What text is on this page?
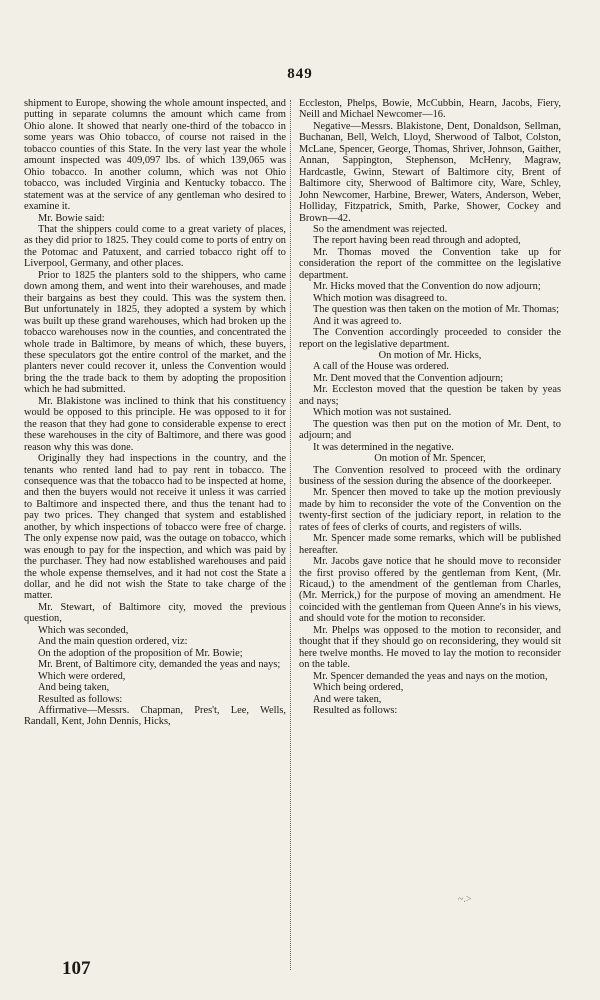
849

shipment to Europe, showing the whole amount inspected, and putting in separate columns the amount which came from Ohio alone. It showed that nearly one-third of the tobacco in some years was Ohio tobacco, of course not raised in the tobacco counties of this State. In the very last year the whole amount inspected was 409,097 lbs. of which 139,065 was Ohio tobacco. In another column, which was not Ohio tobacco, was included Virginia and Kentucky tobacco. The statement was at the service of any gentleman who desired to examine it.

Mr. Bowie said:

That the shippers could come to a great variety of places, as they did prior to 1825. They could come to ports of entry on the Potomac and Patuxent, and carried tobacco right off to Liverpool, Germany, and other places.

Prior to 1825 the planters sold to the shippers, who came down among them, and went into their warehouses, and made their bargains as best they could. This was the system then. But unfortunately in 1825, they adopted a system by which was built up these grand warehouses, which had broken up the tobacco warehouses now in the counties, and concentrated the whole trade in Baltimore, by means of which, these buyers, these speculators got the entire control of the market, and the planters never could recover it, unless the Convention would bring the the trade back to them by adopting the proposition which he had submitted.

Mr. Blakistone was inclined to think that his constituency would be opposed to this principle. He was opposed to it for the reason that they had gone to considerable expense to erect these warehouses in the city of Baltimore, and there was good reason why this was done.

Originally they had inspections in the country, and the tenants who rented land had to pay rent in tobacco. The consequence was that the tobacco had to be inspected at home, and then the buyers would not receive it unless it was carried to Baltimore and inspected there, and thus the tenant had to pay two prices. They changed that system and established another, by which inspections of tobacco were free of charge. The only expense now paid, was the outage on tobacco, which was enough to pay for the inspection, and which was paid by the purchaser. They had now established warehouses and paid the whole expense themselves, and it had not cost the State a dollar, and he did not wish the State to take charge of the matter.

Mr. Stewart, of Baltimore city, moved the previous question,

Which was seconded,

And the main question ordered, viz:

On the adoption of the proposition of Mr. Bowie;

Mr. Brent, of Baltimore city, demanded the yeas and nays;

Which were ordered,

And being taken,

Resulted as follows:

Affirmative—Messrs. Chapman, Pres't, Lee, Wells, Randall, Kent, John Dennis, Hicks,

Eccleston, Phelps, Bowie, McCubbin, Hearn, Jacobs, Fiery, Neill and Michael Newcomer—16.

Negative—Messrs. Blakistone, Dent, Donaldson, Sellman, Buchanan, Bell, Welch, Lloyd, Sherwood of Talbot, Colston, McLane, Spencer, George, Thomas, Shriver, Johnson, Gaither, Annan, Sappington, Stephenson, McHenry, Magraw, Hardcastle, Gwinn, Stewart of Baltimore city, Brent of Baltimore city, Sherwood of Baltimore city, Ware, Schley, John Newcomer, Harbine, Brewer, Waters, Anderson, Weber, Holliday, Fitzpatrick, Smith, Parke, Shower, Cockey and Brown—42.

So the amendment was rejected.

The report having been read through and adopted,

Mr. Thomas moved the Convention take up for consideration the report of the committee on the legislative department.

Mr. Hicks moved that the Convention do now adjourn;

Which motion was disagreed to.

The question was then taken on the motion of Mr. Thomas;

And it was agreed to.

The Convention accordingly proceeded to consider the report on the legislative department.

On motion of Mr. Hicks,

A call of the House was ordered.

Mr. Dent moved that the Convention adjourn;

Mr. Eccleston moved that the question be taken by yeas and nays;

Which motion was not sustained.

The question was then put on the motion of Mr. Dent, to adjourn; and

It was determined in the negative.

On motion of Mr. Spencer,

The Convention resolved to proceed with the ordinary business of the session during the absence of the doorkeeper.

Mr. Spencer then moved to take up the motion previously made by him to reconsider the vote of the Convention on the twenty-first section of the judiciary report, in relation to the rates of fees of clerks of courts, and registers of wills.

Mr. Spencer made some remarks, which will be published hereafter.

Mr. Jacobs gave notice that he should move to reconsider the first proviso offered by the gentleman from Kent, (Mr. Ricaud,) to the amendment of the gentleman from Charles, (Mr. Merrick,) for the purpose of moving an amendment. He coincided with the gentleman from Queen Anne's in his views, and should vote for the motion to reconsider.

Mr. Phelps was opposed to the motion to reconsider, and thought that if they should go on reconsidering, they would sit here twelve months. He moved to lay the motion to reconsider on the table.

Mr. Spencer demanded the yeas and nays on the motion,

Which being ordered,

And were taken,

Resulted as follows:

107
~.>
